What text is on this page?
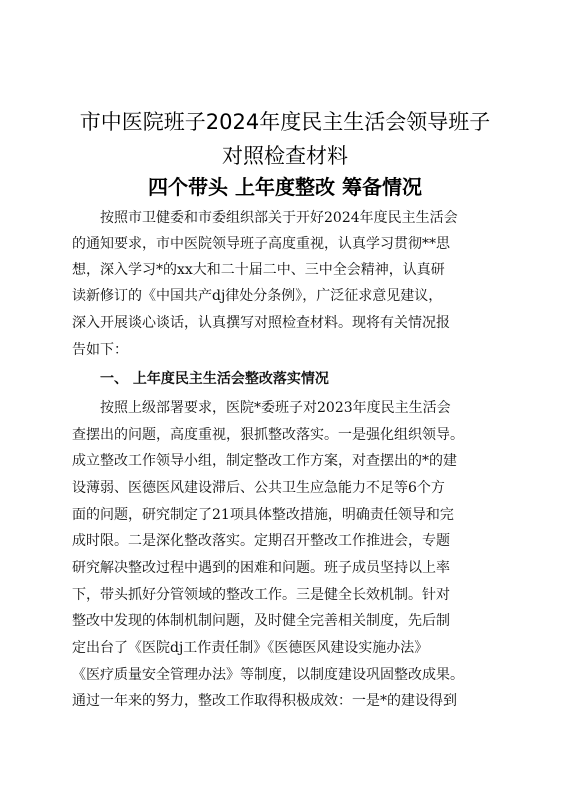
市中医院班子2024年度民主生活会领导班子
对照检查材料
四个带头 上年度整改 筹备情况
按照市卫健委和市委组织部关于开好2024年度民主生活会
的通知要求，市中医院领导班子高度重视，认真学习贯彻**思
想，深入学习*的xx大和二十届二中、三中全会精神，认真研
读新修订的《中国共产dj律处分条例》，广泛征求意见建议，
深入开展谈心谈话，认真撰写对照检查材料。现将有关情况报
告如下：
一、 上年度民主生活会整改落实情况
按照上级部署要求，医院*委班子对2023年度民主生活会
查摆出的问题，高度重视，狠抓整改落实。一是强化组织领导。
成立整改工作领导小组，制定整改工作方案，对查摆出的*的建
设薄弱、医德医风建设滞后、公共卫生应急能力不足等6个方
面的问题，研究制定了21项具体整改措施，明确责任领导和完
成时限。二是深化整改落实。定期召开整改工作推进会，专题
研究解决整改过程中遇到的困难和问题。班子成员坚持以上率
下，带头抓好分管领域的整改工作。三是健全长效机制。针对
整改中发现的体制机制问题，及时健全完善相关制度，先后制
定出台了《医院dj工作责任制》《医德医风建设实施办法》
《医疗质量安全管理办法》等制度，以制度建设巩固整改成果。
通过一年来的努力，整改工作取得积极成效：一是*的建设得到
